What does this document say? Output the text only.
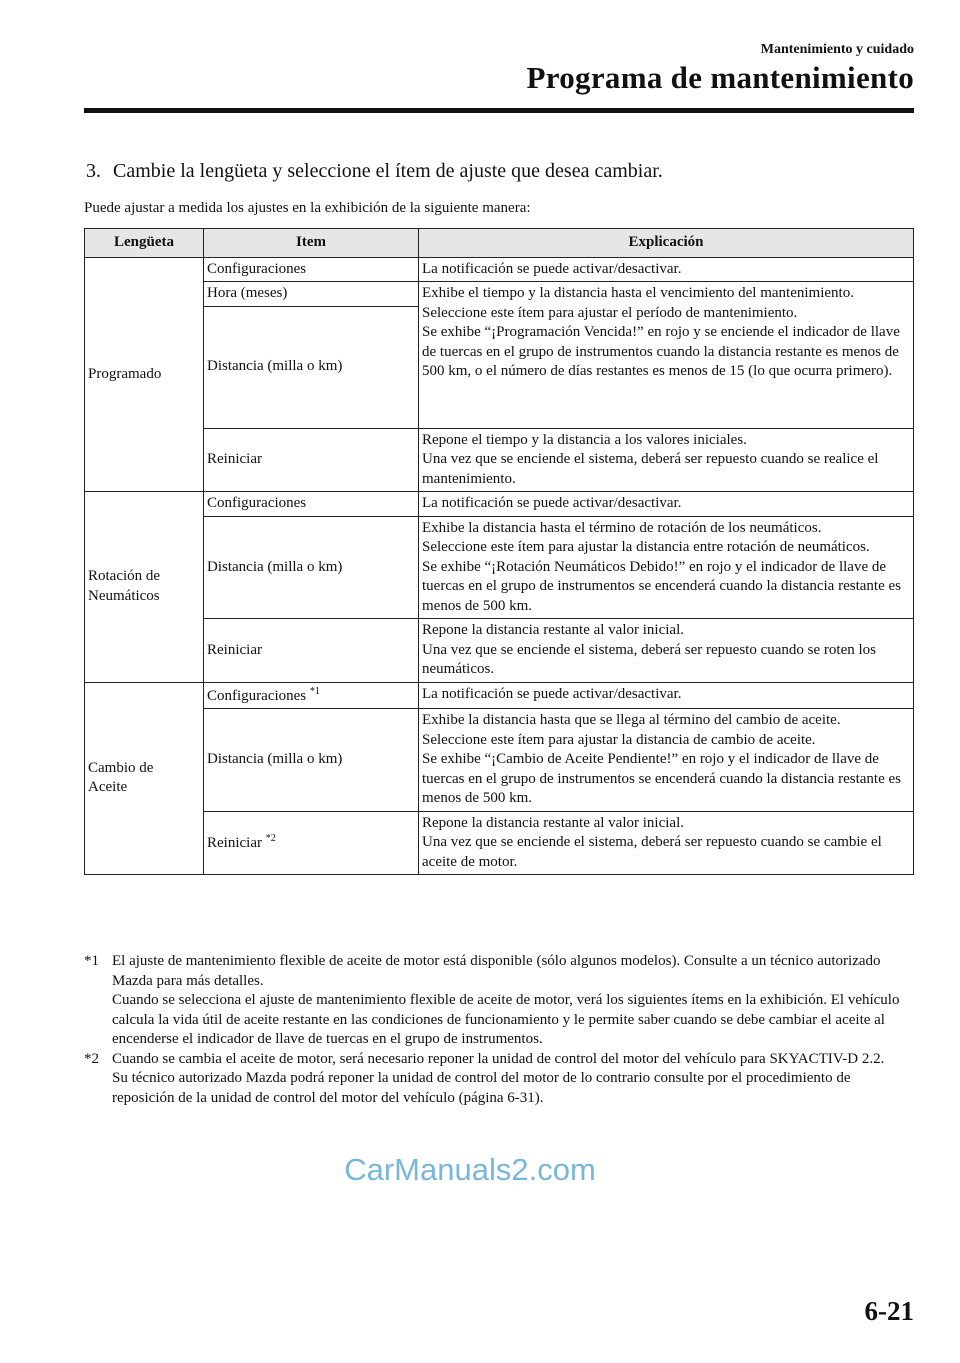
Mantenimiento y cuidado
Programa de mantenimiento
3. Cambie la lengüeta y seleccione el ítem de ajuste que desea cambiar.
Puede ajustar a medida los ajustes en la exhibición de la siguiente manera:
Lengüeta	Item	Explicación
Programado	Configuraciones	La notificación se puede activar/desactivar.
	Hora (meses)	Exhibe el tiempo y la distancia hasta el vencimiento del mantenimiento.
Seleccione este ítem para ajustar el período de mantenimiento.
Se exhibe “¡Programación Vencida!” en rojo y se enciende el indicador de llave de tuercas en el grupo de instrumentos cuando la distancia restante es menos de 500 km, o el número de días restantes es menos de 15 (lo que ocurra primero).
	Distancia (milla o km)	
	Reiniciar	Repone el tiempo y la distancia a los valores iniciales.
Una vez que se enciende el sistema, deberá ser repuesto cuando se realice el mantenimiento.
Rotación de
Neumáticos	Configuraciones	La notificación se puede activar/desactivar.
	Distancia (milla o km)	Exhibe la distancia hasta el término de rotación de los neumáticos.
Seleccione este ítem para ajustar la distancia entre rotación de neumáticos.
Se exhibe “¡Rotación Neumáticos Debido!” en rojo y el indicador de llave de tuercas en el grupo de instrumentos se encenderá cuando la distancia restante es menos de 500 km.
	Reiniciar	Repone la distancia restante al valor inicial.
Una vez que se enciende el sistema, deberá ser repuesto cuando se roten los neumáticos.
Cambio de
Aceite	Configuraciones $^{*1}$	La notificación se puede activar/desactivar.
	Distancia (milla o km)	Exhibe la distancia hasta que se llega al término del cambio de aceite.
Seleccione este ítem para ajustar la distancia de cambio de aceite.
Se exhibe “¡Cambio de Aceite Pendiente!” en rojo y el indicador de llave de tuercas en el grupo de instrumentos se encenderá cuando la distancia restante es menos de 500 km.
	Reiniciar $^{*2}$	Repone la distancia restante al valor inicial.
Una vez que se enciende el sistema, deberá ser repuesto cuando se cambie el aceite de motor.
*1 El ajuste de mantenimiento flexible de aceite de motor está disponible (sólo algunos modelos). Consulte a un técnico autorizado Mazda para más detalles.
Cuando se selecciona el ajuste de mantenimiento flexible de aceite de motor, verá los siguientes ítems en la exhibición. El vehículo calcula la vida útil de aceite restante en las condiciones de funcionamiento y le permite saber cuando se debe cambiar el aceite al encenderse el indicador de llave de tuercas en el grupo de instrumentos.
*2 Cuando se cambia el aceite de motor, será necesario reponer la unidad de control del motor del vehículo para SKYACTIV-D 2.2.
Su técnico autorizado Mazda podrá reponer la unidad de control del motor de lo contrario consulte por el procedimiento de reposición de la unidad de control del motor del vehículo (página 6-31).
CarManuals2.com
6-21
